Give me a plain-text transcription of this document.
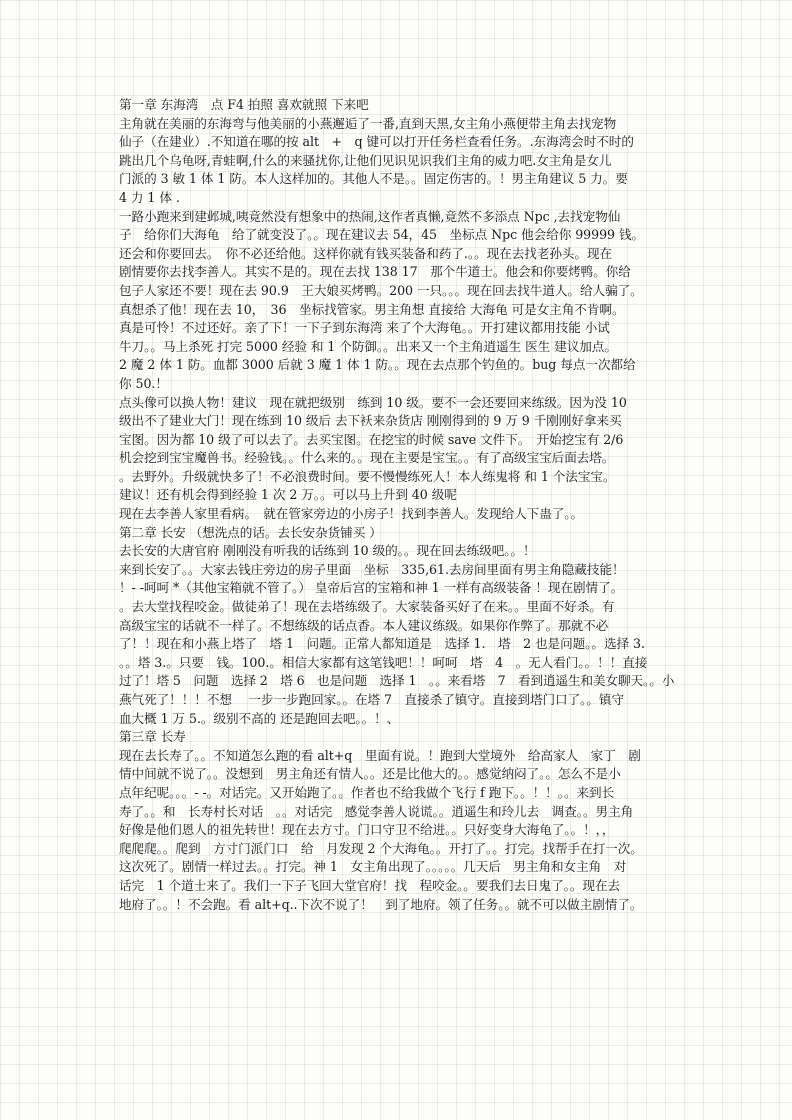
第一章 东海湾　点 F4 拍照 喜欢就照 下来吧
主角就在美丽的东海弯与他美丽的小燕邂逅了一番,直到天黑,女主角小燕便带主角去找宠物
仙子（在建业）.不知道在哪的按 alt　+　q 键可以打开任务栏查看任务。.东海湾会时不时的
跳出几个乌龟呀,青蛙啊,什么的来骚扰你,让他们见识见识我们主角的威力吧.女主角是女儿
门派的 3 敏 1 体 1 防。本人这样加的。其他人不是。。固定伤害的。！男主角建议 5 力。要
4 力 1 体 .
一路小跑来到建邺城,咦竟然没有想象中的热闹,这作者真懒,竟然不多添点 Npc ,去找宠物仙
子　给你们大海龟　给了就变没了。。现在建议去 54，45　坐标点 Npc 他会给你 99999 钱。
还会和你要回去。　你不必还给他。这样你就有钱买装备和药了.。。现在去找老孙头。现在
剧情要你去找李善人。其实不是的。现在去找 138 17　那个牛道士。他会和你要烤鸭。你给
包子人家还不要！现在去 90.9　王大娘买烤鸭。200 一只。。。现在回去找牛道人。给人骗了。
真想杀了他！现在去 10，　36　坐标找管家。男主角想 直接给 大海龟 可是女主角不肯啊。
真是可怜！不过还好。亲了下！一下子到东海湾 来了个大海龟。。开打建议都用技能 小试
牛刀。。马上杀死 打完 5000 经验 和 1 个防御。。出来又一个主角逍遥生 医生 建议加点。
2 魔 2 体 1 防。血都 3000 后就 3 魔 1 体 1 防。。现在去点那个钓鱼的。bug 每点一次都给
你 50.！
点头像可以换人物！建议　现在就把级别　练到 10 级。要不一会还要回来练级。因为没 10
级出不了建业大门！现在练到 10 级后 去下袄来杂货店 刚刚得到的 9 万 9 千刚刚好拿来买
宝图。因为都 10 级了可以去了。去买宝图。在挖宝的时候 save 文件下。　开始挖宝有 2/6
机会挖到宝宝魔兽书。经验钱。。什么来的。。现在主要是宝宝。。有了高级宝宝后面去塔。
。去野外。升级就快多了！不必浪费时间。要不慢慢练死人！本人练鬼将 和 1 个法宝宝。
建议！还有机会得到经验 1 次 2 万。。可以马上升到 40 级呢
现在去李善人家里看病。　就在管家旁边的小房子！找到李善人。发现给人下蛊了。。
第二章 长安 （想洗点的话。去长安杂货铺买 ）
去长安的大唐官府 刚刚没有听我的话练到 10 级的。。现在回去练级吧。。！
来到长安了。。大家去钱庄旁边的房子里面　坐标　335,61.去房间里面有男主角隐藏技能！
！- -呵呵 *（其他宝箱就不管了。） 皇帝后宫的宝箱和神 1 一样有高级装备 ！现在剧情了。
。去大堂找程咬金。做徒弟了！现在去塔练级了。大家装备买好了在来。。里面不好杀。有
高级宝宝的话就不一样了。不想练级的话点香。本人建议练级。如果你作弊了。那就不必
了！！现在和小燕上塔了　塔 1　问题。正常人都知道是　选择 1.　塔　2 也是问题。。选择 3.
。。塔 3.。只要　钱。100.。相信大家都有这笔钱吧！！呵呵　塔　4　。无人看门。。！！直接
过了！塔 5　问题　选择 2　塔 6　也是问题　选择 1　。。来看塔　7　看到逍遥生和美女聊天。。小
燕气死了！！！不想　 一步一步跑回家。。在塔 7　直接杀了镇守。直接到塔门口了。。镇守
血大概 1 万 5.。级别不高的 还是跑回去吧。。！、
第三章 长寿
现在去长寿了。。不知道怎么跑的看 alt+q　里面有说。！跑到大堂境外　给高家人　家丁　剧
情中间就不说了。。没想到　男主角还有情人。。还是比他大的。。感觉纳闷了。。怎么不是小
点年纪呢。。。- -。对话完。又开始跑了。。作者也不给我做个飞行 f 跑下。。！！。。来到长
寿了。。和　长寿村长对话　。。对话完　感觉李善人说谎。。逍遥生和玲儿去　调查。。男主角
好像是他们恩人的祖先转世！现在去方寸。门口守卫不给进。。只好变身大海龟了。。！，，
爬爬爬。。爬到　方寸门派门口　给　月发现 2 个大海龟。。开打了。。打完。找帮手在打一次。
这次死了。剧情一样过去。。打完。神 1　女主角出现了。。。。。几天后　男主角和女主角　对
话完　1 个道士来了。我们一下子飞回大堂官府！找　程咬金。。要我们去日鬼了。。现在去
地府了。。！不会跑。看 alt+q..下次不说了！　到了地府。领了任务。。就不可以做主剧情了。
